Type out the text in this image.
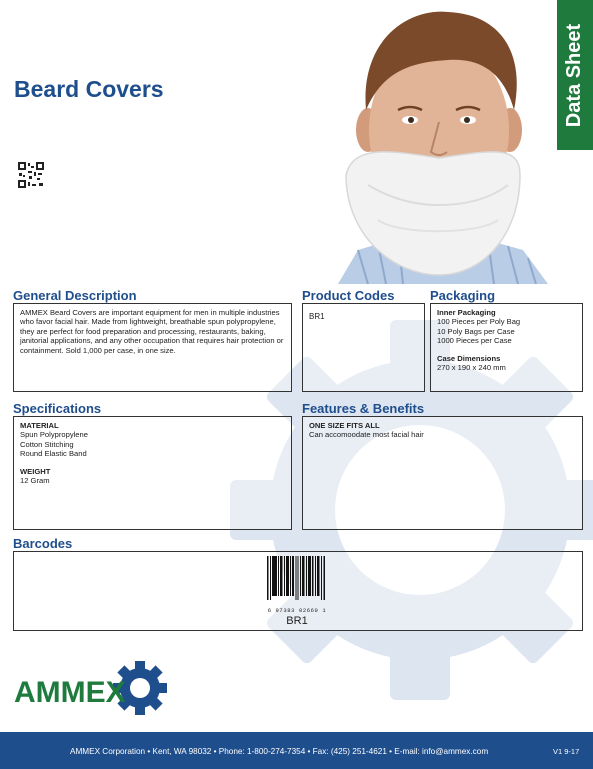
Beard Covers	Data Sheet
General Description
AMMEX Beard Covers are important equipment for men in multiple industries who favor facial hair. Made from lightweight, breathable spun polypropylene, they are perfect for food preparation and processing, restaurants, baking, janitorial applications, and any other occupation that requires hair protection or containment. Sold 1,000 per case, in one size.
Product Codes
BR1
Packaging
Inner Packaging
100 Pieces per Poly Bag
10 Poly Bags per Case
1000 Pieces per Case
Case Dimensions
270 x 190 x 240 mm
Specifications
MATERIAL
Spun Polypropylene
Cotton Stitching
Round Elastic Band
WEIGHT
12 Gram
Features & Benefits
ONE SIZE FITS ALL
Can accomoodate most facial hair
Barcodes
6 97383 02660 1
BR1
AMMEX
AMMEX Corporation • Kent, WA 98032 • Phone: 1-800-274-7354 • Fax: (425) 251-4621 • E-mail: info@ammex.com	V1 9-17
